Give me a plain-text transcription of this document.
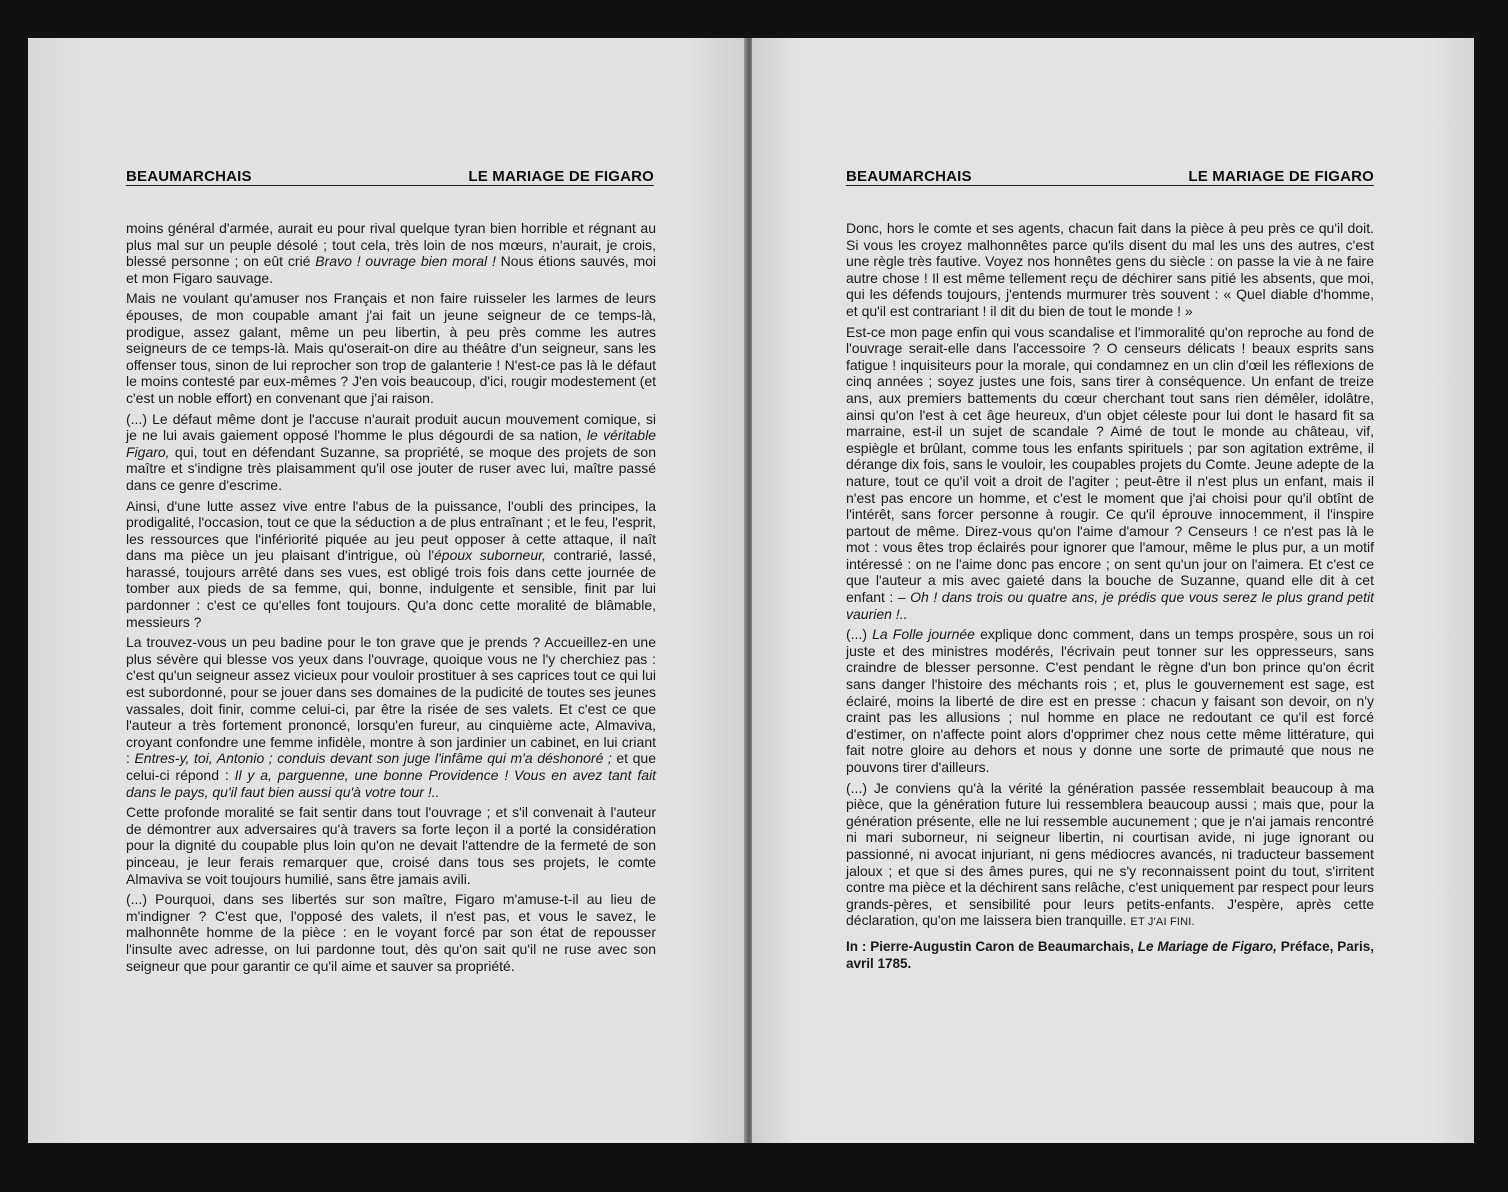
BEAUMARCHAIS	LE MARIAGE DE FIGARO

moins général d'armée, aurait eu pour rival quelque tyran bien horrible et régnant au plus mal sur un peuple désolé ; tout cela, très loin de nos mœurs, n'aurait, je crois, blessé personne ; on eût crié Bravo ! ouvrage bien moral ! Nous étions sauvés, moi et mon Figaro sauvage.

Mais ne voulant qu'amuser nos Français et non faire ruisseler les larmes de leurs épouses, de mon coupable amant j'ai fait un jeune seigneur de ce temps-là, prodigue, assez galant, même un peu libertin, à peu près comme les autres seigneurs de ce temps-là. Mais qu'oserait-on dire au théâtre d'un seigneur, sans les offenser tous, sinon de lui reprocher son trop de galanterie ! N'est-ce pas là le défaut le moins contesté par eux-mêmes ? J'en vois beaucoup, d'ici, rougir modestement (et c'est un noble effort) en convenant que j'ai raison.

(...) Le défaut même dont je l'accuse n'aurait produit aucun mouvement comique, si je ne lui avais gaiement opposé l'homme le plus dégourdi de sa nation, le véritable Figaro, qui, tout en défendant Suzanne, sa propriété, se moque des projets de son maître et s'indigne très plaisamment qu'il ose jouter de ruser avec lui, maître passé dans ce genre d'escrime.

Ainsi, d'une lutte assez vive entre l'abus de la puissance, l'oubli des principes, la prodigalité, l'occasion, tout ce que la séduction a de plus entraînant ; et le feu, l'esprit, les ressources que l'infériorité piquée au jeu peut opposer à cette attaque, il naît dans ma pièce un jeu plaisant d'intrigue, où l'époux suborneur, contrarié, lassé, harassé, toujours arrêté dans ses vues, est obligé trois fois dans cette journée de tomber aux pieds de sa femme, qui, bonne, indulgente et sensible, finit par lui pardonner : c'est ce qu'elles font toujours. Qu'a donc cette moralité de blâmable, messieurs ?

La trouvez-vous un peu badine pour le ton grave que je prends ? Accueillez-en une plus sévère qui blesse vos yeux dans l'ouvrage, quoique vous ne l'y cherchiez pas : c'est qu'un seigneur assez vicieux pour vouloir prostituer à ses caprices tout ce qui lui est subordonné, pour se jouer dans ses domaines de la pudicité de toutes ses jeunes vassales, doit finir, comme celui-ci, par être la risée de ses valets. Et c'est ce que l'auteur a très fortement prononcé, lorsqu'en fureur, au cinquième acte, Almaviva, croyant confondre une femme infidèle, montre à son jardinier un cabinet, en lui criant : Entres-y, toi, Antonio ; conduis devant son juge l'infâme qui m'a déshonoré ; et que celui-ci répond : Il y a, parguenne, une bonne Providence ! Vous en avez tant fait dans le pays, qu'il faut bien aussi qu'à votre tour !..

Cette profonde moralité se fait sentir dans tout l'ouvrage ; et s'il convenait à l'auteur de démontrer aux adversaires qu'à travers sa forte leçon il a porté la considération pour la dignité du coupable plus loin qu'on ne devait l'attendre de la fermeté de son pinceau, je leur ferais remarquer que, croisé dans tous ses projets, le comte Almaviva se voit toujours humilié, sans être jamais avili.

(...) Pourquoi, dans ses libertés sur son maître, Figaro m'amuse-t-il au lieu de m'indigner ? C'est que, l'opposé des valets, il n'est pas, et vous le savez, le malhonnête homme de la pièce : en le voyant forcé par son état de repousser l'insulte avec adresse, on lui pardonne tout, dès qu'on sait qu'il ne ruse avec son seigneur que pour garantir ce qu'il aime et sauver sa propriété.

BEAUMARCHAIS	LE MARIAGE DE FIGARO

Donc, hors le comte et ses agents, chacun fait dans la pièce à peu près ce qu'il doit. Si vous les croyez malhonnêtes parce qu'ils disent du mal les uns des autres, c'est une règle très fautive. Voyez nos honnêtes gens du siècle : on passe la vie à ne faire autre chose ! Il est même tellement reçu de déchirer sans pitié les absents, que moi, qui les défends toujours, j'entends murmurer très souvent : « Quel diable d'homme, et qu'il est contrariant ! il dit du bien de tout le monde ! »

Est-ce mon page enfin qui vous scandalise et l'immoralité qu'on reproche au fond de l'ouvrage serait-elle dans l'accessoire ? O censeurs délicats ! beaux esprits sans fatigue ! inquisiteurs pour la morale, qui condamnez en un clin d'œil les réflexions de cinq années ; soyez justes une fois, sans tirer à conséquence. Un enfant de treize ans, aux premiers battements du cœur cherchant tout sans rien démêler, idolâtre, ainsi qu'on l'est à cet âge heureux, d'un objet céleste pour lui dont le hasard fit sa marraine, est-il un sujet de scandale ? Aimé de tout le monde au château, vif, espiègle et brûlant, comme tous les enfants spirituels ; par son agitation extrême, il dérange dix fois, sans le vouloir, les coupables projets du Comte. Jeune adepte de la nature, tout ce qu'il voit a droit de l'agiter ; peut-être il n'est plus un enfant, mais il n'est pas encore un homme, et c'est le moment que j'ai choisi pour qu'il obtînt de l'intérêt, sans forcer personne à rougir. Ce qu'il éprouve innocemment, il l'inspire partout de même. Direz-vous qu'on l'aime d'amour ? Censeurs ! ce n'est pas là le mot : vous êtes trop éclairés pour ignorer que l'amour, même le plus pur, a un motif intéressé : on ne l'aime donc pas encore ; on sent qu'un jour on l'aimera. Et c'est ce que l'auteur a mis avec gaieté dans la bouche de Suzanne, quand elle dit à cet enfant : – Oh ! dans trois ou quatre ans, je prédis que vous serez le plus grand petit vaurien !..

(...) La Folle journée explique donc comment, dans un temps prospère, sous un roi juste et des ministres modérés, l'écrivain peut tonner sur les oppresseurs, sans craindre de blesser personne. C'est pendant le règne d'un bon prince qu'on écrit sans danger l'histoire des méchants rois ; et, plus le gouvernement est sage, est éclairé, moins la liberté de dire est en presse : chacun y faisant son devoir, on n'y craint pas les allusions ; nul homme en place ne redoutant ce qu'il est forcé d'estimer, on n'affecte point alors d'opprimer chez nous cette même littérature, qui fait notre gloire au dehors et nous y donne une sorte de primauté que nous ne pouvons tirer d'ailleurs.

(...) Je conviens qu'à la vérité la génération passée ressemblait beaucoup à ma pièce, que la génération future lui ressemblera beaucoup aussi ; mais que, pour la génération présente, elle ne lui ressemble aucunement ; que je n'ai jamais rencontré ni mari suborneur, ni seigneur libertin, ni courtisan avide, ni juge ignorant ou passionné, ni avocat injuriant, ni gens médiocres avancés, ni traducteur bassement jaloux ; et que si des âmes pures, qui ne s'y reconnaissent point du tout, s'irritent contre ma pièce et la déchirent sans relâche, c'est uniquement par respect pour leurs grands-pères, et sensibilité pour leurs petits-enfants. J'espère, après cette déclaration, qu'on me laissera bien tranquille. ET J'AI FINI.

In : Pierre-Augustin Caron de Beaumarchais, Le Mariage de Figaro, Préface, Paris, avril 1785.
